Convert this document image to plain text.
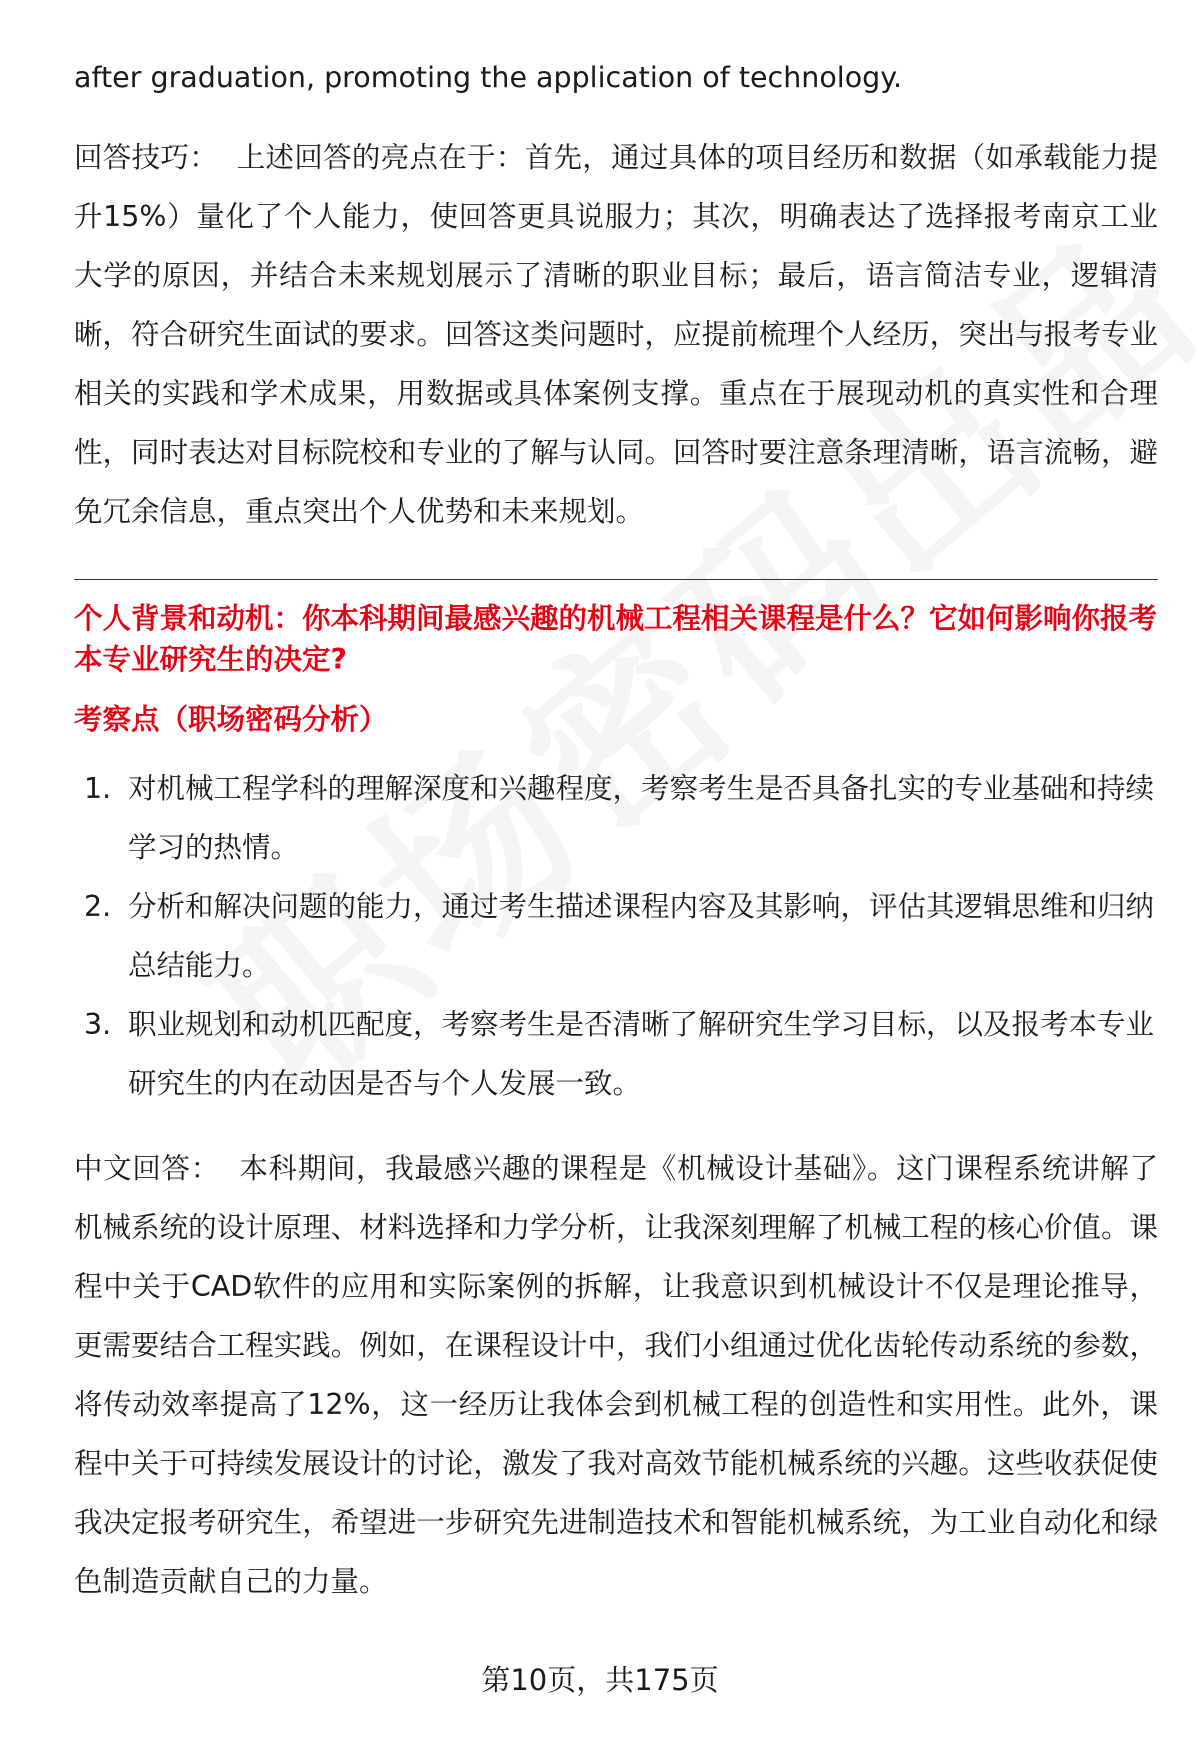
after graduation, promoting the application of technology.

回答技巧： 上述回答的亮点在于：首先，通过具体的项目经历和数据（如承载能力提升15%）量化了个人能力，使回答更具说服力；其次，明确表达了选择报考南京工业大学的原因，并结合未来规划展示了清晰的职业目标；最后，语言简洁专业，逻辑清晰，符合研究生面试的要求。回答这类问题时，应提前梳理个人经历，突出与报考专业相关的实践和学术成果，用数据或具体案例支撑。重点在于展现动机的真实性和合理性，同时表达对目标院校和专业的了解与认同。回答时要注意条理清晰，语言流畅，避免冗余信息，重点突出个人优势和未来规划。

个人背景和动机：你本科期间最感兴趣的机械工程相关课程是什么？它如何影响你报考本专业研究生的决定?

考察点（职场密码分析）

1. 对机械工程学科的理解深度和兴趣程度，考察考生是否具备扎实的专业基础和持续学习的热情。
2. 分析和解决问题的能力，通过考生描述课程内容及其影响，评估其逻辑思维和归纳总结能力。
3. 职业规划和动机匹配度，考察考生是否清晰了解研究生学习目标，以及报考本专业研究生的内在动因是否与个人发展一致。

中文回答： 本科期间，我最感兴趣的课程是《机械设计基础》。这门课程系统讲解了机械系统的设计原理、材料选择和力学分析，让我深刻理解了机械工程的核心价值。课程中关于CAD软件的应用和实际案例的拆解，让我意识到机械设计不仅是理论推导，更需要结合工程实践。例如，在课程设计中，我们小组通过优化齿轮传动系统的参数，将传动效率提高了12%，这一经历让我体会到机械工程的创造性和实用性。此外，课程中关于可持续发展设计的讨论，激发了我对高效节能机械系统的兴趣。这些收获促使我决定报考研究生，希望进一步研究先进制造技术和智能机械系统，为工业自动化和绿色制造贡献自己的力量。

第10页，共175页
